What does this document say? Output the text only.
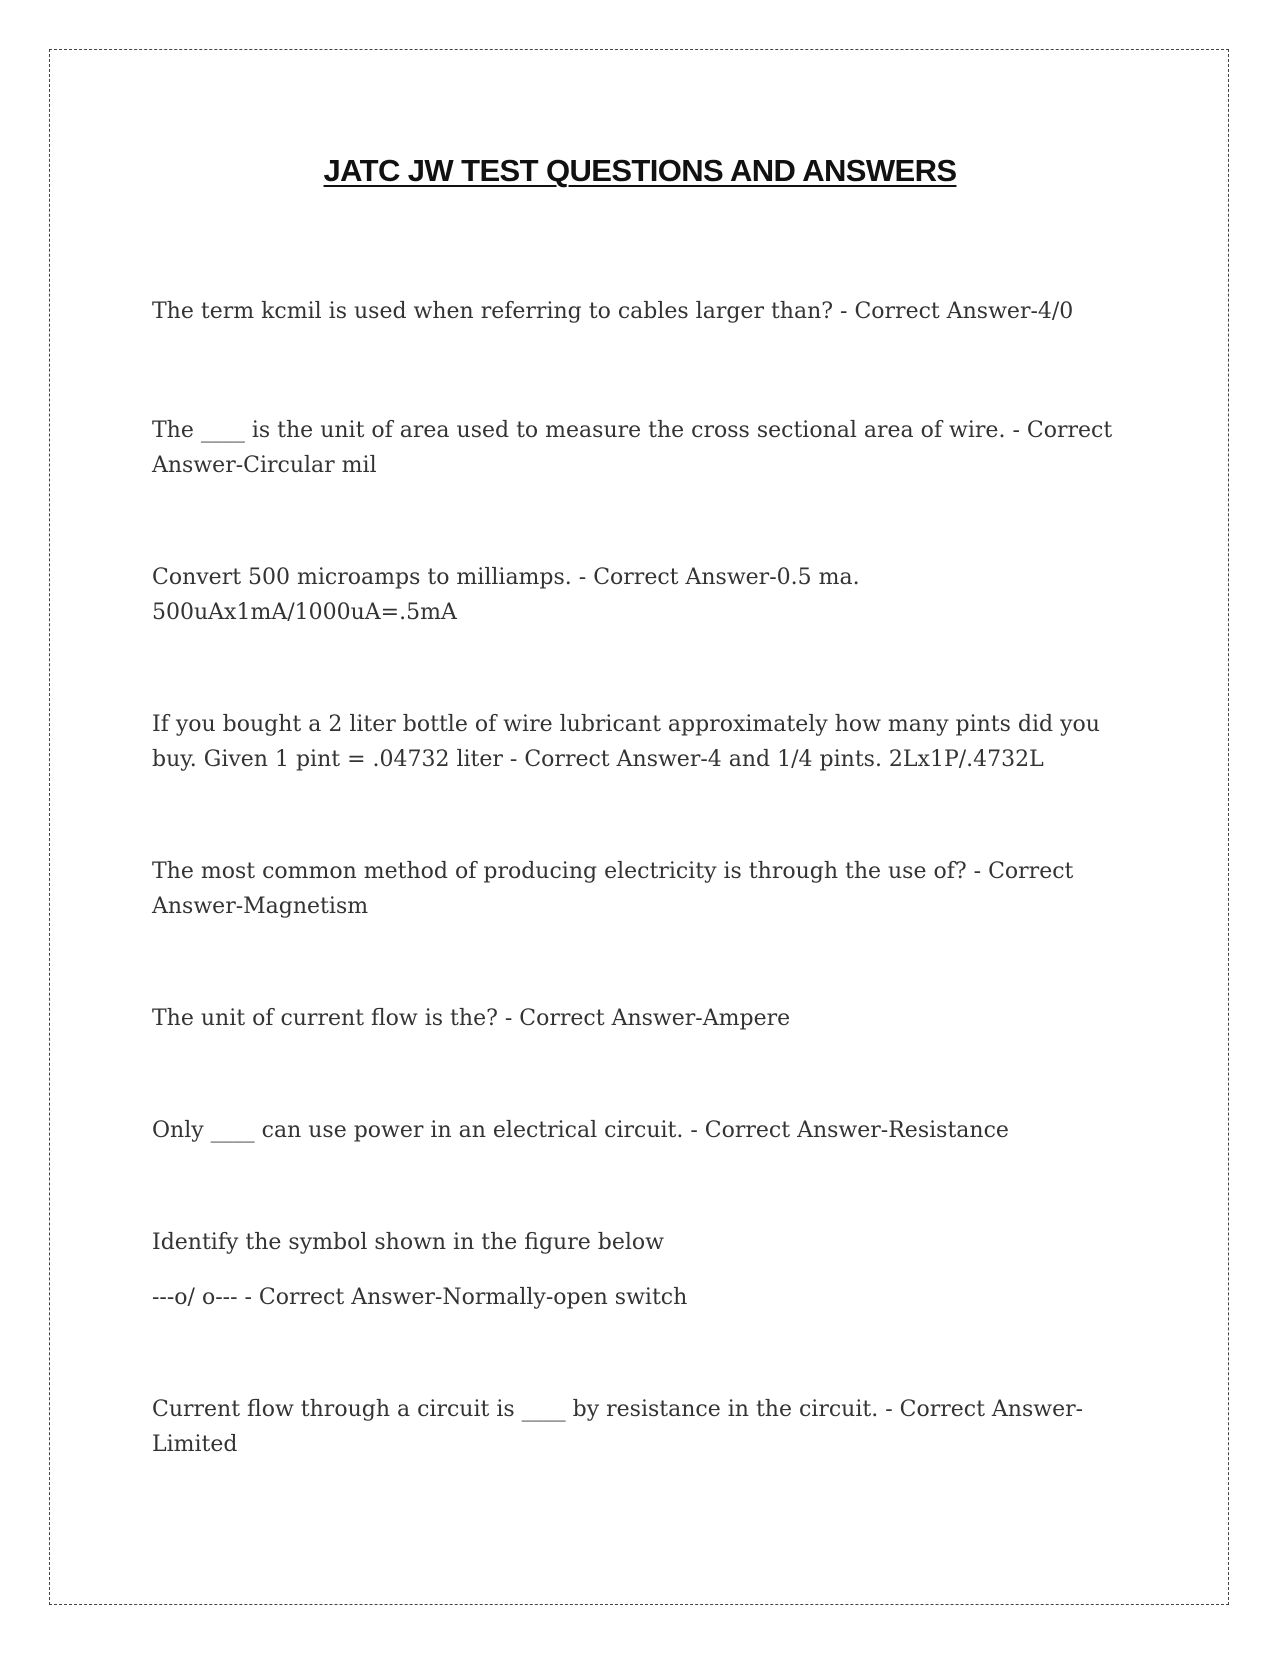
JATC JW TEST QUESTIONS AND ANSWERS

The term kcmil is used when referring to cables larger than? - Correct Answer-4/0

The ____ is the unit of area used to measure the cross sectional area of wire. - Correct Answer-Circular mil

Convert 500 microamps to milliamps. - Correct Answer-0.5 ma. 500uAx1mA/1000uA=.5mA

If you bought a 2 liter bottle of wire lubricant approximately how many pints did you buy. Given 1 pint = .04732 liter - Correct Answer-4 and 1/4 pints. 2Lx1P/.4732L

The most common method of producing electricity is through the use of? - Correct Answer-Magnetism

The unit of current flow is the? - Correct Answer-Ampere

Only ____ can use power in an electrical circuit. - Correct Answer-Resistance

Identify the symbol shown in the figure below

---o/ o--- - Correct Answer-Normally-open switch

Current flow through a circuit is ____ by resistance in the circuit. - Correct Answer-Limited
